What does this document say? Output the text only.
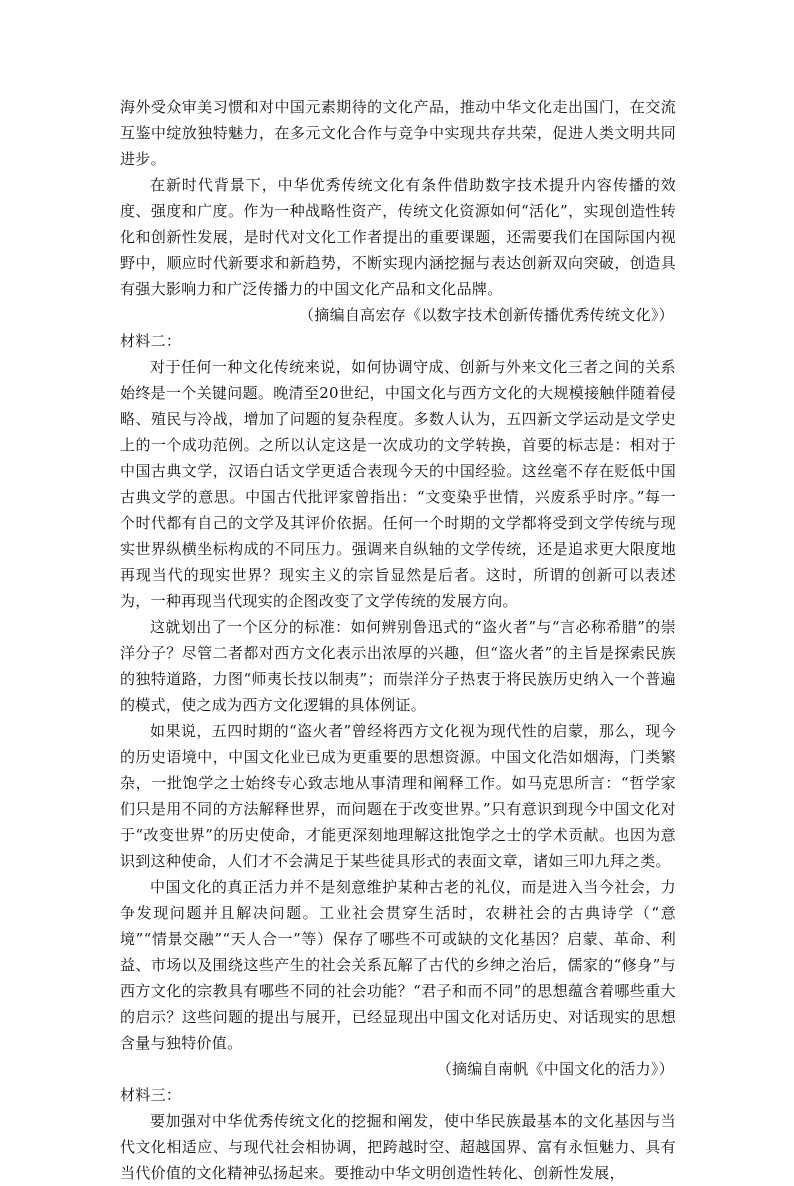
海外受众审美习惯和对中国元素期待的文化产品，推动中华文化走出国门，在交流互鉴中绽放独特魅力，在多元文化合作与竞争中实现共存共荣，促进人类文明共同进步。

在新时代背景下，中华优秀传统文化有条件借助数字技术提升内容传播的效度、强度和广度。作为一种战略性资产，传统文化资源如何“活化”，实现创造性转化和创新性发展，是时代对文化工作者提出的重要课题，还需要我们在国际国内视野中，顺应时代新要求和新趋势，不断实现内涵挖掘与表达创新双向突破，创造具有强大影响力和广泛传播力的中国文化产品和文化品牌。

（摘编自高宏存《以数字技术创新传播优秀传统文化》）

材料二：

对于任何一种文化传统来说，如何协调守成、创新与外来文化三者之间的关系始终是一个关键问题。晚清至20世纪，中国文化与西方文化的大规模接触伴随着侵略、殖民与冷战，增加了问题的复杂程度。多数人认为，五四新文学运动是文学史上的一个成功范例。之所以认定这是一次成功的文学转换，首要的标志是：相对于中国古典文学，汉语白话文学更适合表现今天的中国经验。这丝毫不存在贬低中国古典文学的意思。中国古代批评家曾指出：“文变染乎世情，兴废系乎时序。”每一个时代都有自己的文学及其评价依据。任何一个时期的文学都将受到文学传统与现实世界纵横坐标构成的不同压力。强调来自纵轴的文学传统，还是追求更大限度地再现当代的现实世界？现实主义的宗旨显然是后者。这时，所谓的创新可以表述为，一种再现当代现实的企图改变了文学传统的发展方向。

这就划出了一个区分的标准：如何辨别鲁迅式的“盗火者”与“言必称希腊”的崇洋分子？尽管二者都对西方文化表示出浓厚的兴趣，但“盗火者”的主旨是探索民族的独特道路，力图“师夷长技以制夷”；而崇洋分子热衷于将民族历史纳入一个普遍的模式，使之成为西方文化逻辑的具体例证。

如果说，五四时期的“盗火者”曾经将西方文化视为现代性的启蒙，那么，现今的历史语境中，中国文化业已成为更重要的思想资源。中国文化浩如烟海，门类繁杂，一批饱学之士始终专心致志地从事清理和阐释工作。如马克思所言：“哲学家们只是用不同的方法解释世界，而问题在于改变世界。”只有意识到现今中国文化对于“改变世界”的历史使命，才能更深刻地理解这批饱学之士的学术贡献。也因为意识到这种使命，人们才不会满足于某些徒具形式的表面文章，诸如三叩九拜之类。

中国文化的真正活力并不是刻意维护某种古老的礼仪，而是进入当今社会，力争发现问题并且解决问题。工业社会贯穿生活时，农耕社会的古典诗学（“意境”“情景交融”“天人合一”等）保存了哪些不可或缺的文化基因？启蒙、革命、利益、市场以及围绕这些产生的社会关系瓦解了古代的乡绅之治后，儒家的“修身”与西方文化的宗教具有哪些不同的社会功能？“君子和而不同”的思想蕴含着哪些重大的启示？这些问题的提出与展开，已经显现出中国文化对话历史、对话现实的思想含量与独特价值。

（摘编自南帆《中国文化的活力》）

材料三：

要加强对中华优秀传统文化的挖掘和阐发，使中华民族最基本的文化基因与当代文化相适应、与现代社会相协调，把跨越时空、超越国界、富有永恒魅力、具有当代价值的文化精神弘扬起来。要推动中华文明创造性转化、创新性发展，
